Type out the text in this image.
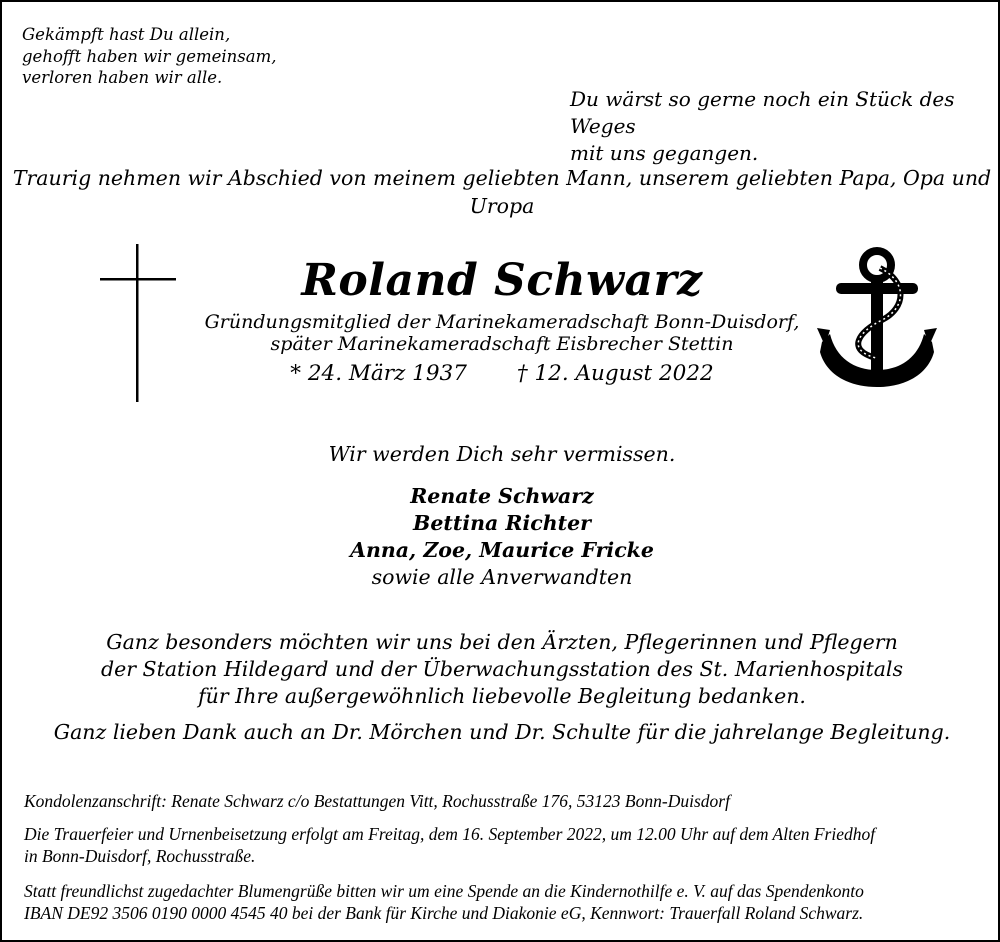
Gekämpft hast Du allein,
gehofft haben wir gemeinsam,
verloren haben wir alle.
Du wärst so gerne noch ein Stück des Weges
mit uns gegangen.

Traurig nehmen wir Abschied von meinem geliebten Mann, unserem geliebten Papa, Opa und Uropa

Roland Schwarz

Gründungsmitglied der Marinekameradschaft Bonn-Duisdorf,
später Marinekameradschaft Eisbrecher Stettin
* 24. März 1937 † 12. August 2022

Wir werden Dich sehr vermissen.

Renate Schwarz
Bettina Richter
Anna, Zoe, Maurice Fricke
sowie alle Anverwandten
Ganz besonders möchten wir uns bei den Ärzten, Pflegerinnen und Pflegern
der Station Hildegard und der Überwachungsstation des St. Marienhospitals
für Ihre außergewöhnlich liebevolle Begleitung bedanken.

Ganz lieben Dank auch an Dr. Mörchen und Dr. Schulte für die jahrelange Begleitung.

Kondolenzanschrift: Renate Schwarz c/o Bestattungen Vitt, Rochusstraße 176, 53123 Bonn-Duisdorf

Die Trauerfeier und Urnenbeisetzung erfolgt am Freitag, dem 16. September 2022, um 12.00 Uhr auf dem Alten Friedhof
in Bonn-Duisdorf, Rochusstraße.
Statt freundlichst zugedachter Blumengrüße bitten wir um eine Spende an die Kindernothilfe e. V. auf das Spendenkonto
IBAN DE92 3506 0190 0000 4545 40 bei der Bank für Kirche und Diakonie eG, Kennwort: Trauerfall Roland Schwarz.
